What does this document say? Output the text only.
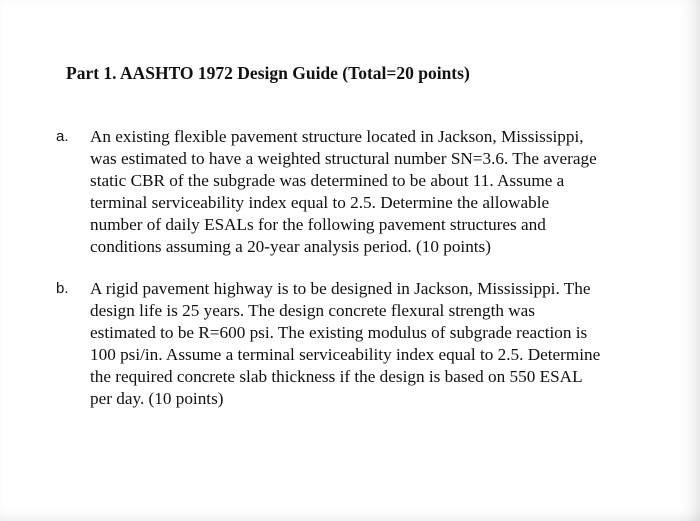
Part 1. AASHTO 1972 Design Guide (Total=20 points)
a.	An existing flexible pavement structure located in Jackson, Mississippi,
was estimated to have a weighted structural number SN=3.6. The average
static CBR of the subgrade was determined to be about 11. Assume a
terminal serviceability index equal to 2.5. Determine the allowable
number of daily ESALs for the following pavement structures and
conditions assuming a 20-year analysis period. (10 points)
b.	A rigid pavement highway is to be designed in Jackson, Mississippi. The
design life is 25 years. The design concrete flexural strength was
estimated to be R=600 psi. The existing modulus of subgrade reaction is
100 psi/in. Assume a terminal serviceability index equal to 2.5. Determine
the required concrete slab thickness if the design is based on 550 ESAL
per day. (10 points)
